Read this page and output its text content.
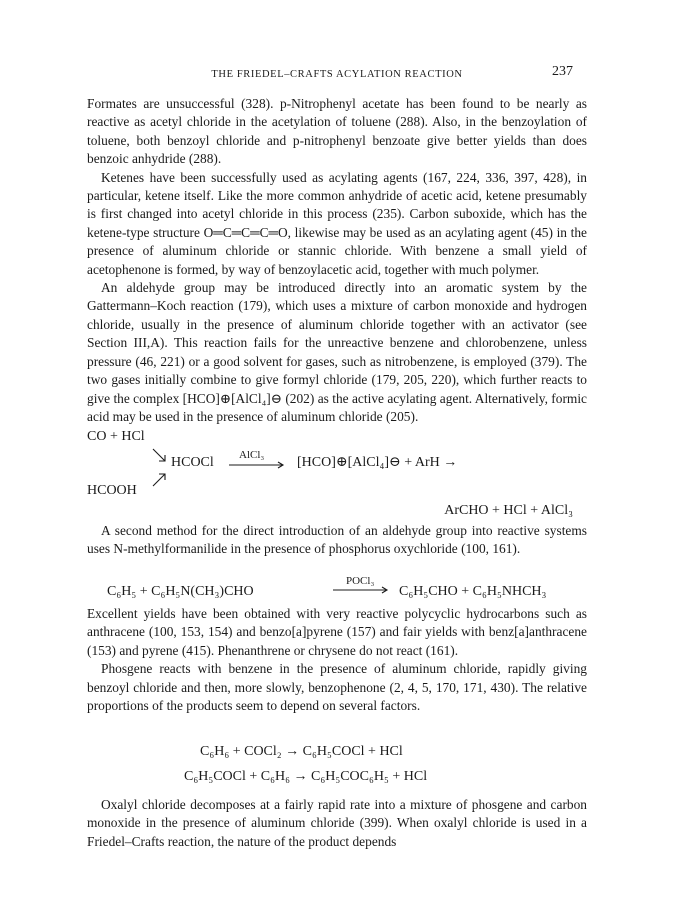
THE FRIEDEL–CRAFTS ACYLATION REACTION	237

Formates are unsuccessful (328). p-Nitrophenyl acetate has been found to be nearly as reactive as acetyl chloride in the acetylation of toluene (288). Also, in the benzoylation of toluene, both benzoyl chloride and p-nitrophenyl benzoate give better yields than does benzoic anhydride (288).

Ketenes have been successfully used as acylating agents (167, 224, 336, 397, 428), in particular, ketene itself. Like the more common anhydride of acetic acid, ketene presumably is first changed into acetyl chloride in this process (235). Carbon suboxide, which has the ketene-type structure O═C═C═C═O, likewise may be used as an acylating agent (45) in the presence of aluminum chloride or stannic chloride. With benzene a small yield of acetophenone is formed, by way of benzoylacetic acid, together with much polymer.

An aldehyde group may be introduced directly into an aromatic system by the Gattermann–Koch reaction (179), which uses a mixture of carbon monoxide and hydrogen chloride, usually in the presence of aluminum chloride together with an activator (see Section III,A). This reaction fails for the unreactive benzene and chlorobenzene, unless pressure (46, 221) or a good solvent for gases, such as nitrobenzene, is employed (379). The two gases initially combine to give formyl chloride (179, 205, 220), which further reacts to give the complex [HCO]⊕[AlCl₄]⊖ (202) as the active acylating agent. Alternatively, formic acid may be used in the presence of aluminum chloride (205).

CO + HCl
HCOCl AlCl₃ [HCO]⊕[AlCl₄]⊖ + ArH →
HCOOH
ArCHO + HCl + AlCl₃

A second method for the direct introduction of an aldehyde group into reactive systems uses N-methylformanilide in the presence of phosphorus oxychloride (100, 161).

C₆H₅ + C₆H₅N(CH₃)CHO
POCl₃
C₆H₅CHO + C₆H₅NHCH₃

Excellent yields have been obtained with very reactive polycyclic hydrocarbons such as anthracene (100, 153, 154) and benzo[a]pyrene (157) and fair yields with benz[a]anthracene (153) and pyrene (415). Phenanthrene or chrysene do not react (161).

Phosgene reacts with benzene in the presence of aluminum chloride, rapidly giving benzoyl chloride and then, more slowly, benzophenone (2, 4, 5, 170, 171, 430). The relative proportions of the products seem to depend on several factors.

C₆H₆ + COCl₂ → C₆H₅COCl + HCl
C₆H₅COCl + C₆H₆ → C₆H₅COC₆H₅ + HCl

Oxalyl chloride decomposes at a fairly rapid rate into a mixture of phosgene and carbon monoxide in the presence of aluminum chloride (399). When oxalyl chloride is used in a Friedel–Crafts reaction, the nature of the product depends
